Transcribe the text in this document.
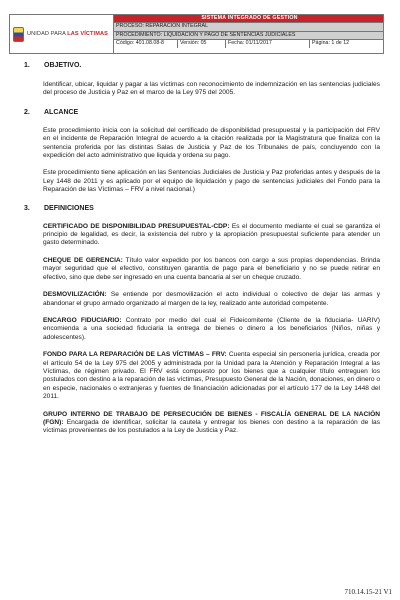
UNIDAD PARA LAS VÍCTIMAS
SISTEMA INTEGRADO DE GESTION
PROCESO: REPARACIÓN INTEGRAL
PROCEDIMIENTO: LIQUIDACIÓN Y PAGO DE SENTENCIAS JUDICIALES
Código: 401.08.08-8	Versión: 05	Fecha: 01/11/2017	Página: 1 de 12
1. OBJETIVO.

Identificar, ubicar, liquidar y pagar a las víctimas con reconocimiento de indemnización en las sentencias judiciales del proceso de Justicia y Paz en el marco de la Ley 975 del 2005.

2. ALCANCE

Este procedimiento inicia con la solicitud del certificado de disponibilidad presupuestal y la participación del FRV en el incidente de Reparación Integral de acuerdo a la citación realizada por la Magistratura que finaliza con la sentencia proferida por las distintas Salas de Justicia y Paz de los Tribunales de país, concluyendo con la expedición del acto administrativo que liquida y ordena su pago.

Este procedimiento tiene aplicación en las Sentencias Judiciales de Justicia y Paz proferidas antes y después de la Ley 1448 de 2011 y es aplicado por el equipo de liquidación y pago de sentencias judiciales del Fondo para la Reparación de las Víctimas – FRV a nivel nacional.)

3. DEFINICIONES

CERTIFICADO DE DISPONIBILIDAD PRESUPUESTAL-CDP: Es el documento mediante el cual se garantiza el principio de legalidad, es decir, la existencia del rubro y la apropiación presupuestal suficiente para atender un gasto determinado.

CHEQUE DE GERENCIA: Título valor expedido por los bancos con cargo a sus propias dependencias. Brinda mayor seguridad que el efectivo, constituyen garantía de pago para el beneficiario y no se puede retirar en efectivo, sino que debe ser ingresado en una cuenta bancaria al ser un cheque cruzado.

DESMOVILIZACIÓN: Se entiende por desmovilización el acto individual o colectivo de dejar las armas y abandonar el grupo armado organizado al margen de la ley, realizado ante autoridad competente.

ENCARGO FIDUCIARIO: Contrato por medio del cual el Fideicomitente (Cliente de la fiduciaria- UARIV) encomienda a una sociedad fiduciaria la entrega de bienes o dinero a los beneficiarios (Niños, niñas y adolescentes).

FONDO PARA LA REPARACIÓN DE LAS VÍCTIMAS – FRV: Cuenta especial sin personería jurídica, creada por el artículo 54 de la Ley 975 del 2005 y administrada por la Unidad para la Atención y Reparación Integral a las Víctimas, de régimen privado. El FRV está compuesto por los bienes que a cualquier título entreguen los postulados con destino a la reparación de las víctimas, Presupuesto General de la Nación, donaciones, en dinero o en especie, nacionales o extranjeras y fuentes de financiación adicionadas por el artículo 177 de la Ley 1448 del 2011.

GRUPO INTERNO DE TRABAJO DE PERSECUCIÓN DE BIENES - FISCALÍA GENERAL DE LA NACIÓN (FGN): Encargada de identificar, solicitar la cautela y entregar los bienes con destino a la reparación de las víctimas provenientes de los postulados a la Ley de Justicia y Paz.

710.14.15-21 V1
